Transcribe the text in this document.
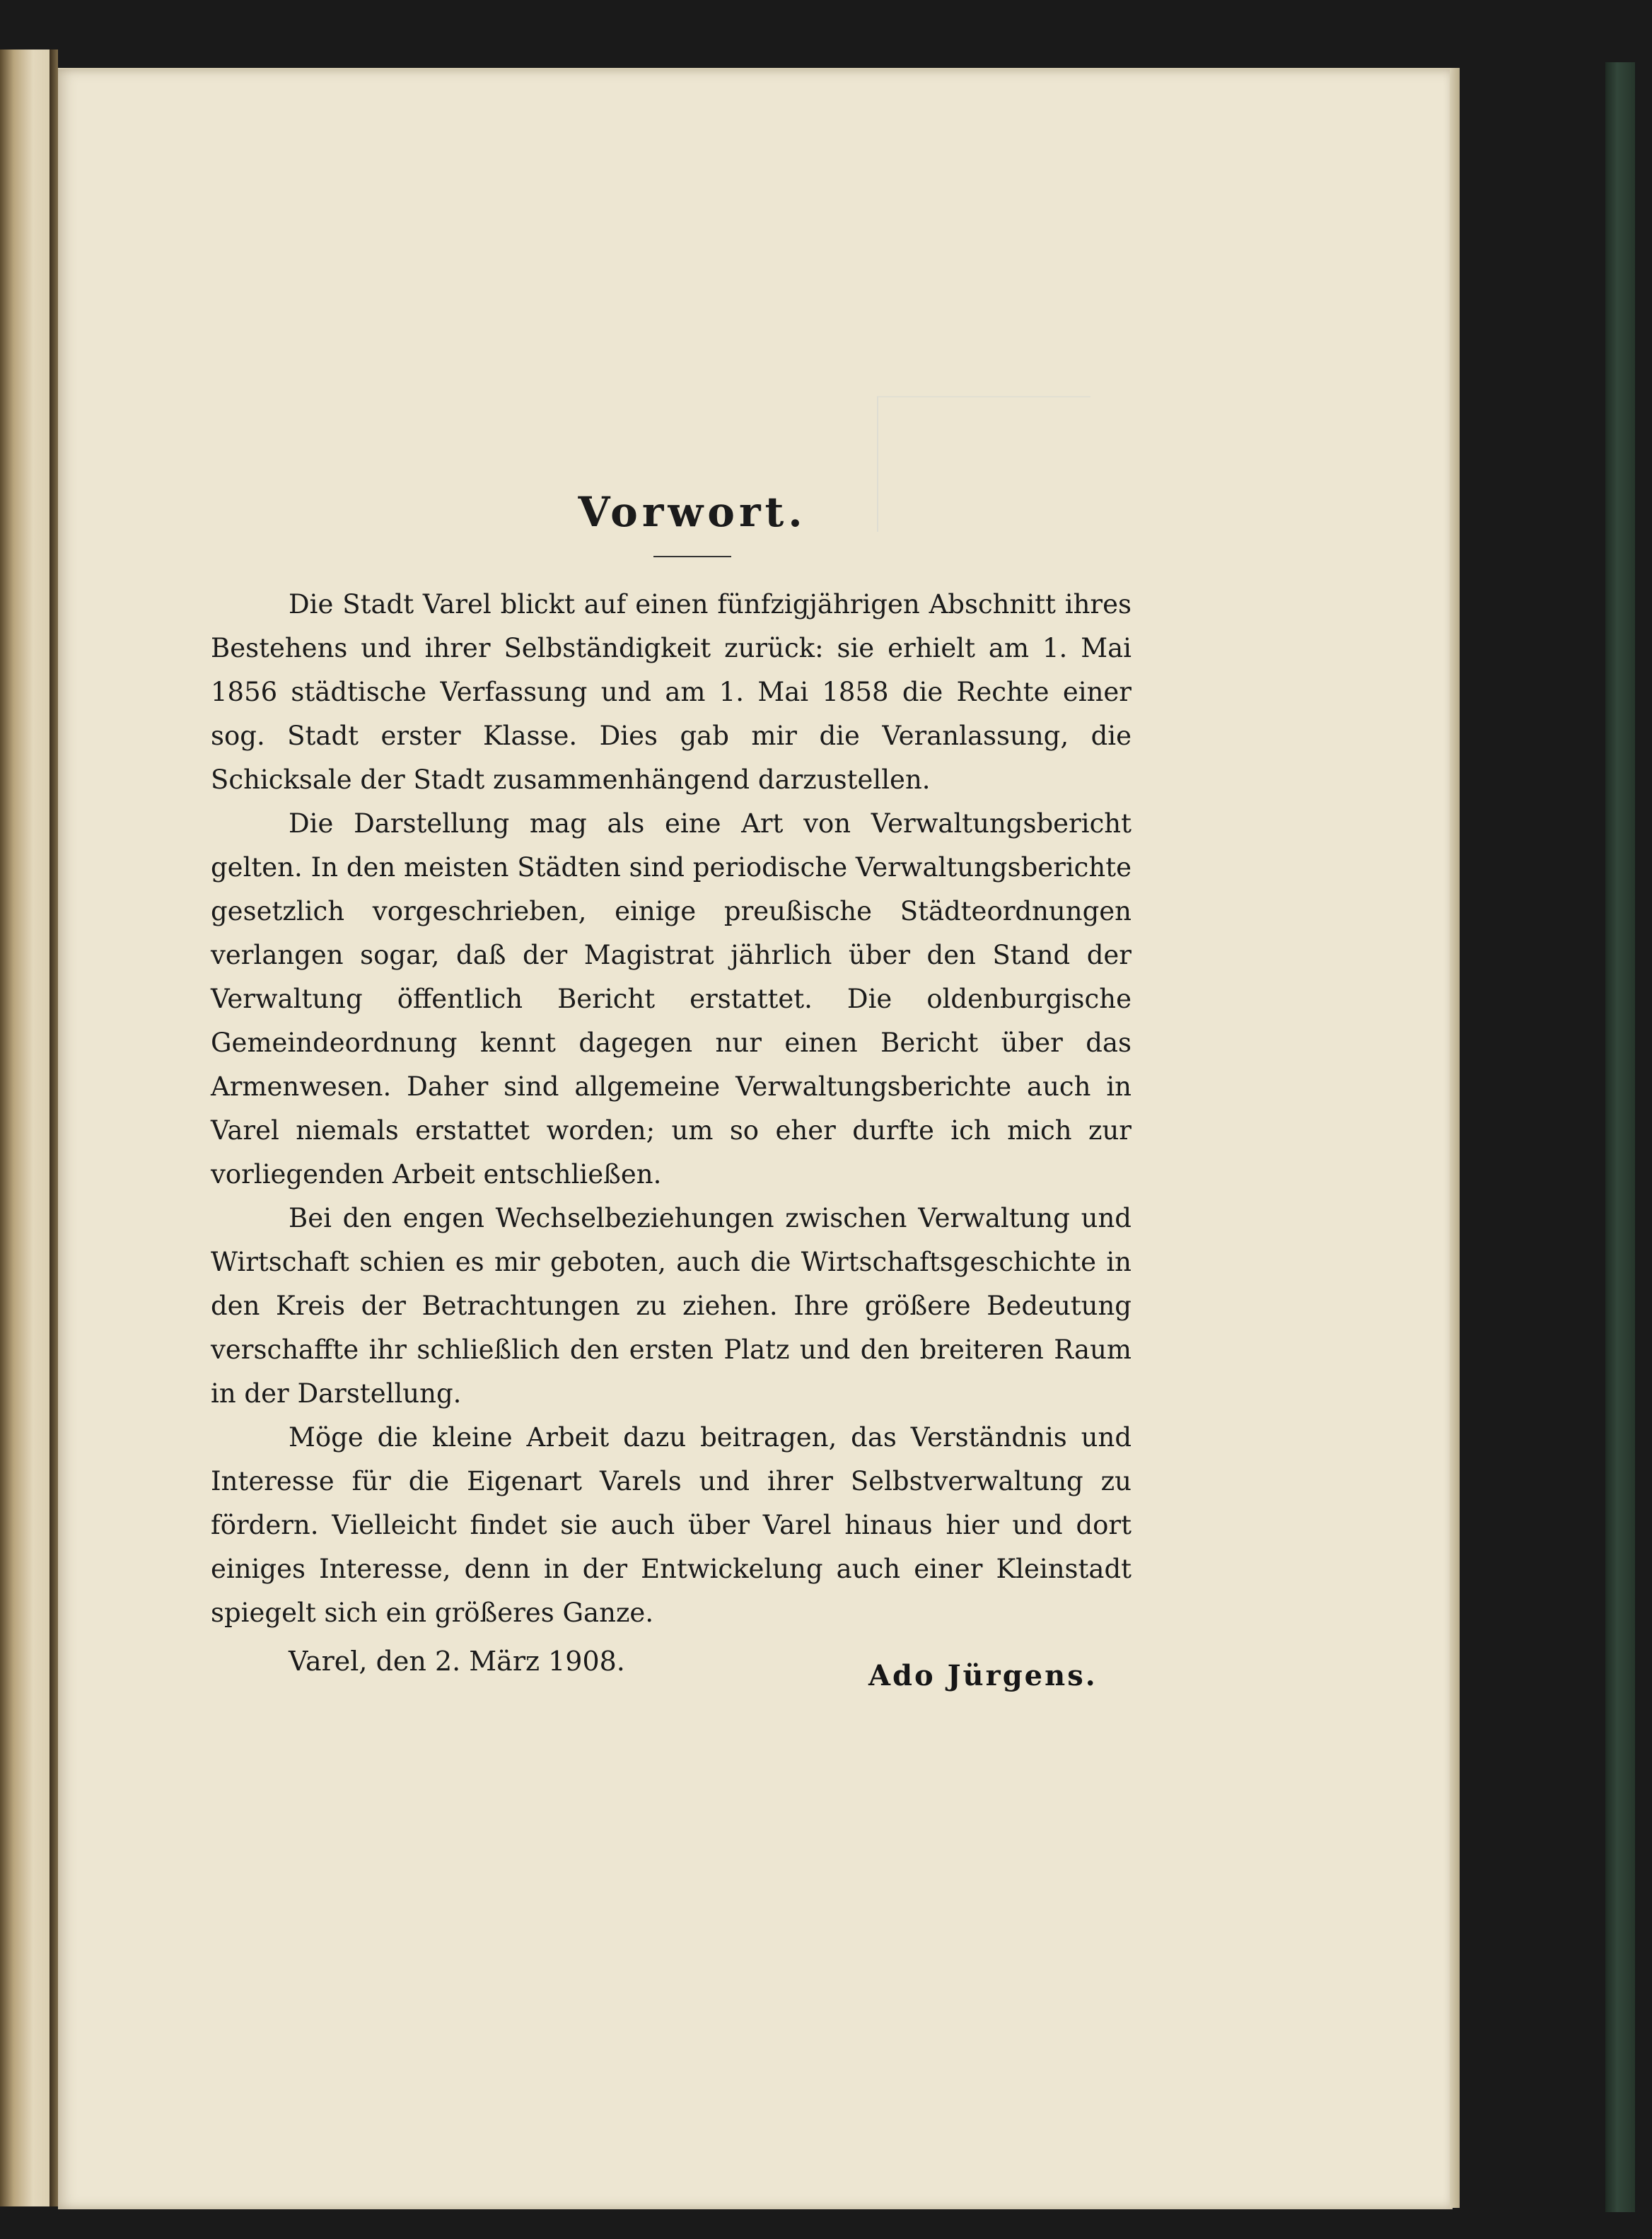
Vorwort.

Die Stadt Varel blickt auf einen fünfzigjährigen Abschnitt ihres Bestehens und ihrer Selbständigkeit zurück: sie erhielt am 1. Mai 1856 städtische Verfassung und am 1. Mai 1858 die Rechte einer sog. Stadt erster Klasse. Dies gab mir die Veranlassung, die Schicksale der Stadt zusammenhängend darzustellen.

Die Darstellung mag als eine Art von Verwaltungsbericht gelten. In den meisten Städten sind periodische Verwaltungsberichte gesetzlich vorgeschrieben, einige preußische Städteordnungen verlangen sogar, daß der Magistrat jährlich über den Stand der Verwaltung öffentlich Bericht erstattet. Die oldenburgische Gemeindeordnung kennt dagegen nur einen Bericht über das Armenwesen. Daher sind allgemeine Verwaltungsberichte auch in Varel niemals erstattet worden; um so eher durfte ich mich zur vorliegenden Arbeit entschließen.

Bei den engen Wechselbeziehungen zwischen Verwaltung und Wirtschaft schien es mir geboten, auch die Wirtschaftsgeschichte in den Kreis der Betrachtungen zu ziehen. Ihre größere Bedeutung verschaffte ihr schließlich den ersten Platz und den breiteren Raum in der Darstellung.

Möge die kleine Arbeit dazu beitragen, das Verständnis und Interesse für die Eigenart Varels und ihrer Selbstverwaltung zu fördern. Vielleicht findet sie auch über Varel hinaus hier und dort einiges Interesse, denn in der Entwickelung auch einer Kleinstadt spiegelt sich ein größeres Ganze.

Varel, den 2. März 1908.	Ado Jürgens.
